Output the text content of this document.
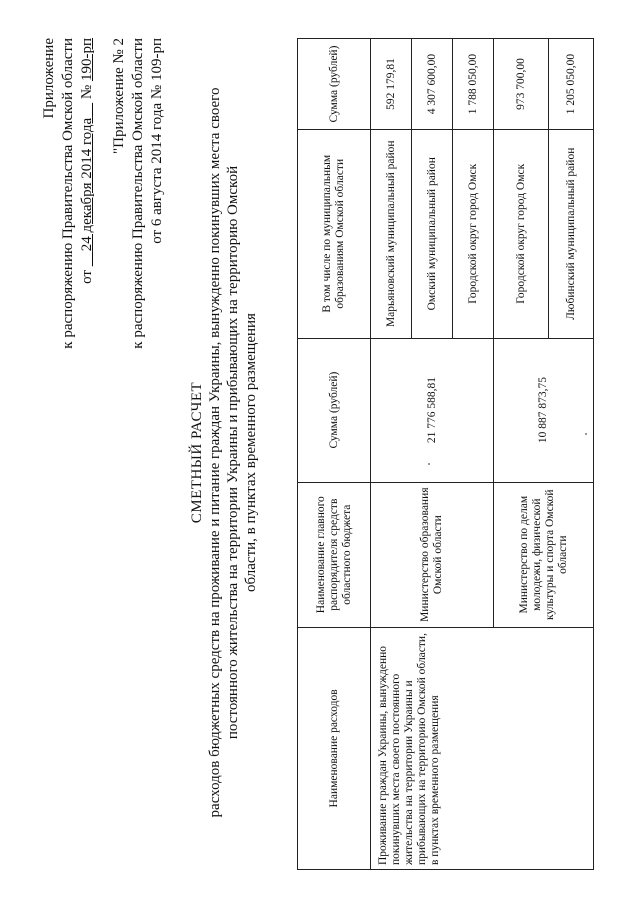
Приложение к распоряжению Правительства Омской области от     24 декабря 2014 года     № 190-рп "Приложение № 2 к распоряжению Правительства Омской области от 6 августа 2014 года № 109-рп
СМЕТНЫЙ РАСЧЕТ расходов бюджетных средств на проживание и питание граждан Украины, вынужденно покинувших места своего постоянного жительства на территории Украины и прибывающих на территорию Омской области, в пунктах временного размещения
Наименование расходов	Наименование главного распорядителя средств областного бюджета	Сумма (рублей)	В том числе по муниципальным образованиям Омской области	Сумма (рублей)
Проживание граждан Украины, вынужденно покинувших места своего постоянного жительства на территории Украины и прибывающих на территорию Омской области, в пунктах временного размещения	Министерство образования Омской области	21 776 588,81	Марьяновский муниципальный район	592 179,81
			Омский муниципальный район	4 307 600,00
			Городской округ город Омск	1 788 050,00
	Министерство по делам молодежи, физической культуры и спорта Омской области	10 887 873,75	Городской округ город Омск	973 700,00
			Любинский муниципальный район	1 205 050,00
